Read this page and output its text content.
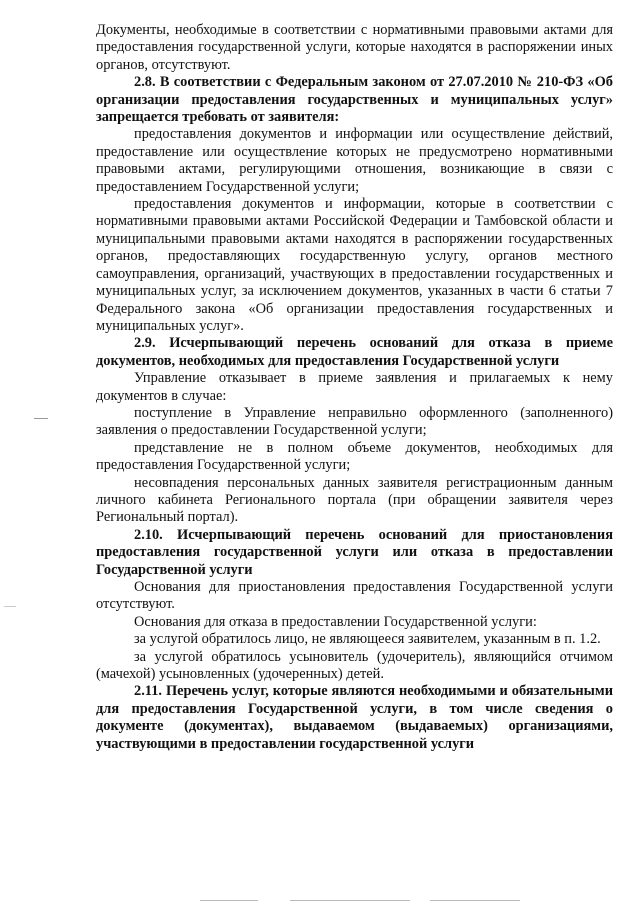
Документы, необходимые в соответствии с нормативными правовыми актами для предоставления государственной услуги, которые находятся в распоряжении иных органов, отсутствуют.

2.8. В соответствии с Федеральным законом от 27.07.2010 № 210-ФЗ «Об организации предоставления государственных и муниципальных услуг» запрещается требовать от заявителя:

предоставления документов и информации или осуществление действий, предоставление или осуществление которых не предусмотрено нормативными правовыми актами, регулирующими отношения, возникающие в связи с предоставлением Государственной услуги;

предоставления документов и информации, которые в соответствии с нормативными правовыми актами Российской Федерации и Тамбовской области и муниципальными правовыми актами находятся в распоряжении государственных органов, предоставляющих государственную услугу, органов местного самоуправления, организаций, участвующих в предоставлении государственных и муниципальных услуг, за исключением документов, указанных в части 6 статьи 7 Федерального закона «Об организации предоставления государственных и муниципальных услуг».

2.9. Исчерпывающий перечень оснований для отказа в приеме документов, необходимых для предоставления Государственной услуги

Управление отказывает в приеме заявления и прилагаемых к нему документов в случае:

поступление в Управление неправильно оформленного (заполненного) заявления о предоставлении Государственной услуги;

представление не в полном объеме документов, необходимых для предоставления Государственной услуги;

несовпадения персональных данных заявителя регистрационным данным личного кабинета Регионального портала (при обращении заявителя через Региональный портал).

2.10. Исчерпывающий перечень оснований для приостановления предоставления государственной услуги или отказа в предоставлении Государственной услуги

Основания для приостановления предоставления Государственной услуги отсутствуют.

Основания для отказа в предоставлении Государственной услуги:

за услугой обратилось лицо, не являющееся заявителем, указанным в п. 1.2.

за услугой обратилось усыновитель (удочеритель), являющийся отчимом (мачехой) усыновленных (удочеренных) детей.

2.11. Перечень услуг, которые являются необходимыми и обязательными для предоставления Государственной услуги, в том числе сведения о документе (документах), выдаваемом (выдаваемых) организациями, участвующими в предоставлении государственной услуги
